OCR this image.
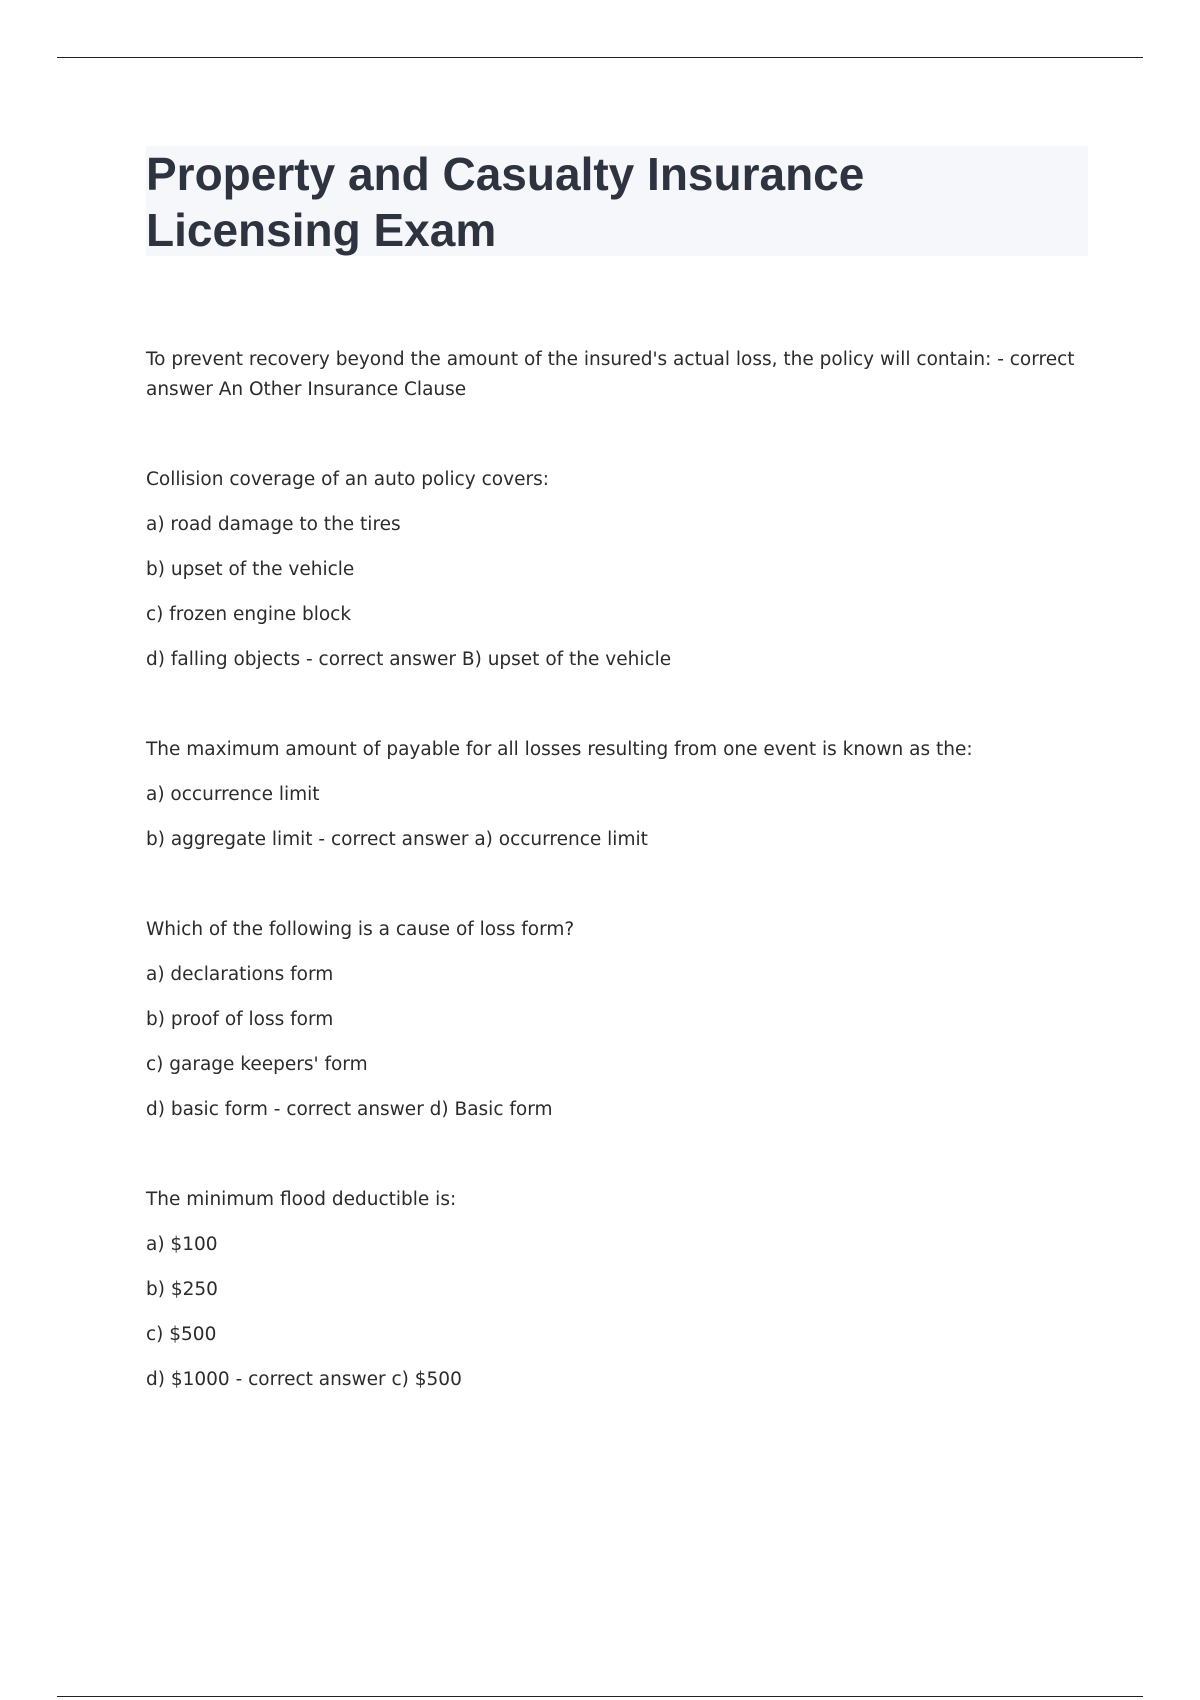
Property and Casualty Insurance Licensing Exam

To prevent recovery beyond the amount of the insured's actual loss, the policy will contain: - correct answer An Other Insurance Clause

Collision coverage of an auto policy covers:

a) road damage to the tires

b) upset of the vehicle

c) frozen engine block

d) falling objects - correct answer B) upset of the vehicle

The maximum amount of payable for all losses resulting from one event is known as the:

a) occurrence limit

b) aggregate limit - correct answer a) occurrence limit

Which of the following is a cause of loss form?

a) declarations form

b) proof of loss form

c) garage keepers' form

d) basic form - correct answer d) Basic form

The minimum flood deductible is:

a) $100

b) $250

c) $500

d) $1000 - correct answer c) $500
